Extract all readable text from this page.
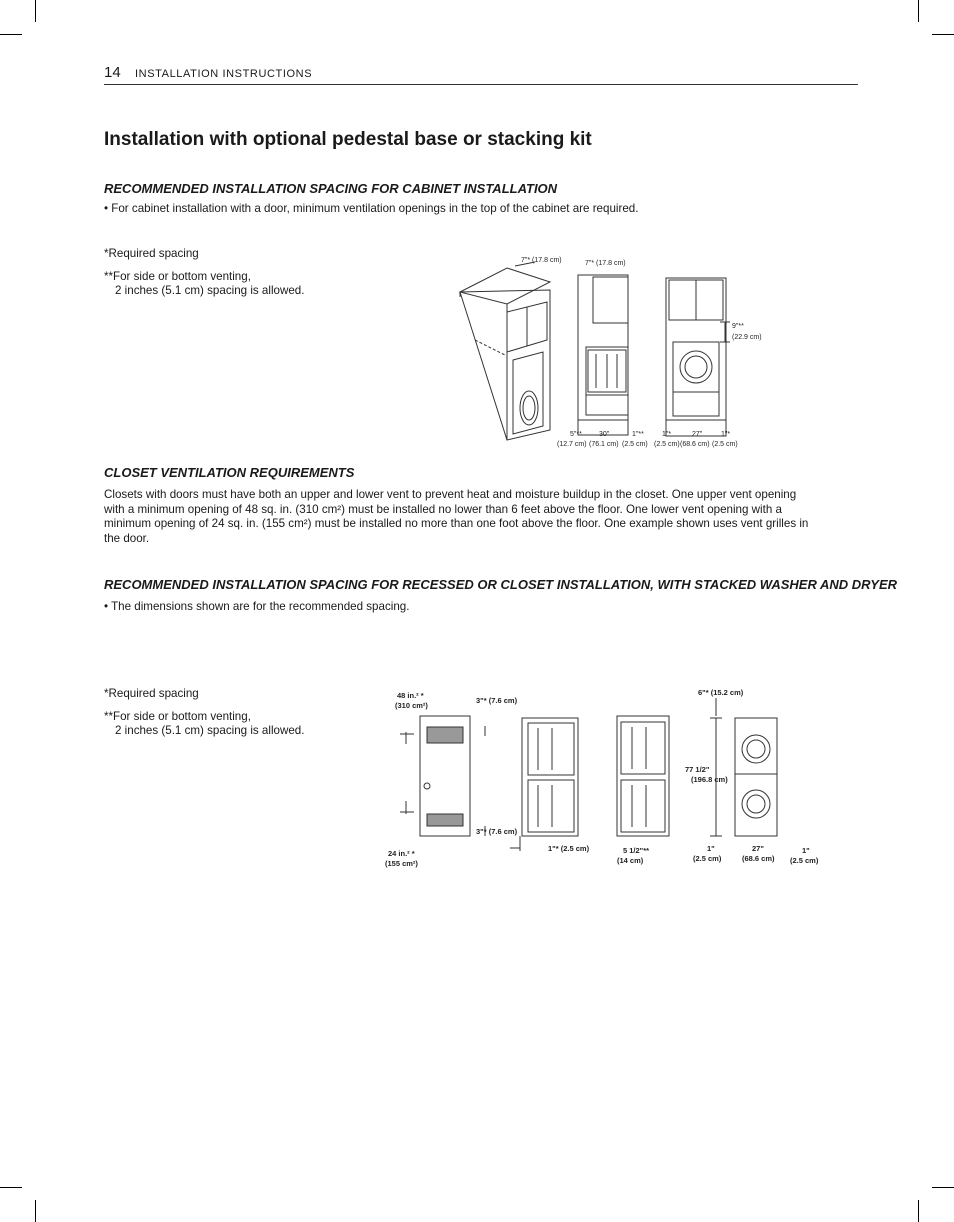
14 INSTALLATION INSTRUCTIONS
Installation with optional pedestal base or stacking kit
RECOMMENDED INSTALLATION SPACING FOR CABINET INSTALLATION

• For cabinet installation with a door, minimum ventilation openings in the top of the cabinet are required.

*Required spacing
**For side or bottom venting,
2 inches (5.1 cm) spacing is allowed.
7"* (17.8 cm)	7"* (17.8 cm)
9"**
(22.9 cm)
5"**
(12.7 cm)
30"
(76.1 cm)
1"**
(2.5 cm)
1"*
(2.5 cm)
27"
(68.6 cm)
1"*
(2.5 cm)
CLOSET VENTILATION REQUIREMENTS
Closets with doors must have both an upper and lower vent to prevent heat and moisture buildup in the closet. One upper vent opening
with a minimum opening of 48 sq. in. (310 cm²) must be installed no lower than 6 feet above the floor. One lower vent opening with a
minimum opening of 24 sq. in. (155 cm²) must be installed no more than one foot above the floor. One example shown uses vent grilles in
the door.
RECOMMENDED INSTALLATION SPACING FOR RECESSED OR CLOSET INSTALLATION, WITH STACKED WASHER AND DRYER

• The dimensions shown are for the recommended spacing.

*Required spacing
**For side or bottom venting,
2 inches (5.1 cm) spacing is allowed.
48 in.² *
(310 cm²)
24 in.² *
(155 cm²)
3"* (7.6 cm)
3"* (7.6 cm)
1"* (2.5 cm)	5 1/2"**
(14 cm)
6"* (15.2 cm)
77 1/2"
(196.8 cm)
1"
(2.5 cm)
27"
(68.6 cm)
1"
(2.5 cm)
